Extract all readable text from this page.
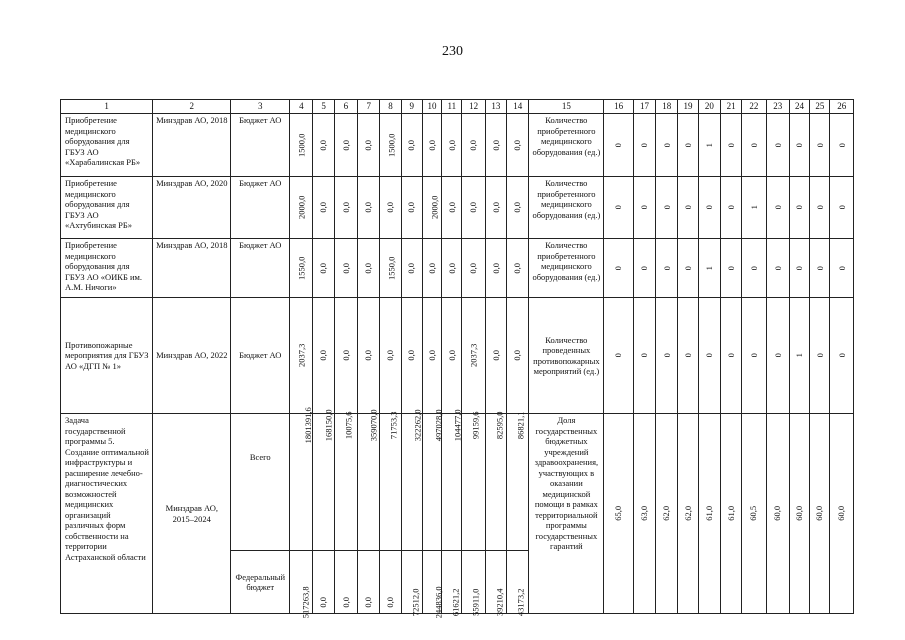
230
1	2	3	4	5	6	7	8	9	10	11	12	13	14	15	16	17	18	19	20	21	22	23	24	25	26
Приобретение медицинского оборудования для ГБУЗ АО «Харабалинская РБ»	Минздрав АО, 2018	Бюджет АО	1500,0	0,0	0,0	0,0	1500,0	0,0	0,0	0,0	0,0	0,0	0,0	Количество приобретенного медицинского оборудования (ед.)	0	0	0	0	1	0	0	0	0	0	0
Приобретение медицинского оборудования для ГБУЗ АО «Ахтубинская РБ»	Минздрав АО, 2020	Бюджет АО	2000,0	0,0	0,0	0,0	0,0	0,0	2000,0	0,0	0,0	0,0	0,0	Количество приобретенного медицинского оборудования (ед.)	0	0	0	0	0	0	1	0	0	0	0
Приобретение медицинского оборудования для ГБУЗ АО «ОИКБ им. А.М. Ничоги»	Минздрав АО, 2018	Бюджет АО	1550,0	0,0	0,0	0,0	1550,0	0,0	0,0	0,0	0,0	0,0	0,0	Количество приобретенного медицинского оборудования (ед.)	0	0	0	0	1	0	0	0	0	0	0
Противопожарные мероприятия для ГБУЗ АО «ДГП № 1»	Минздрав АО, 2022	Бюджет АО	2037,3	0,0	0,0	0,0	0,0	0,0	0,0	0,0	2037,3	0,0	0,0	Количество проведенных противопожарных мероприятий (ед.)	0	0	0	0	0	0	0	0	1	0	0
Задача государственной программы 5. Создание оптимальной инфраструктуры и расширение лечебно-диагностических возможностей медицинских организаций различных форм собственности на территории Астраханской области	Минздрав АО, 2015–2024	Всего	1801391,6	168150,0	10075,6	359070,0	71753,3	322262,0	497028,0	104477,0	99159,6	82595,0	86821,1	Доля государственных бюджетных учреждений здравоохранения, участвующих в оказании медицинской помощи в рамках территориальной программы государственных гарантий	65,0	63,0	62,0	62,0	61,0	61,0	60,5	60,0	60,0	60,0	60,0
		Федеральный бюджет	517263,8	0,0	0,0	0,0	0,0	72512,0	244836,0	61621,2	55911,0	39210,4	43173,2												
